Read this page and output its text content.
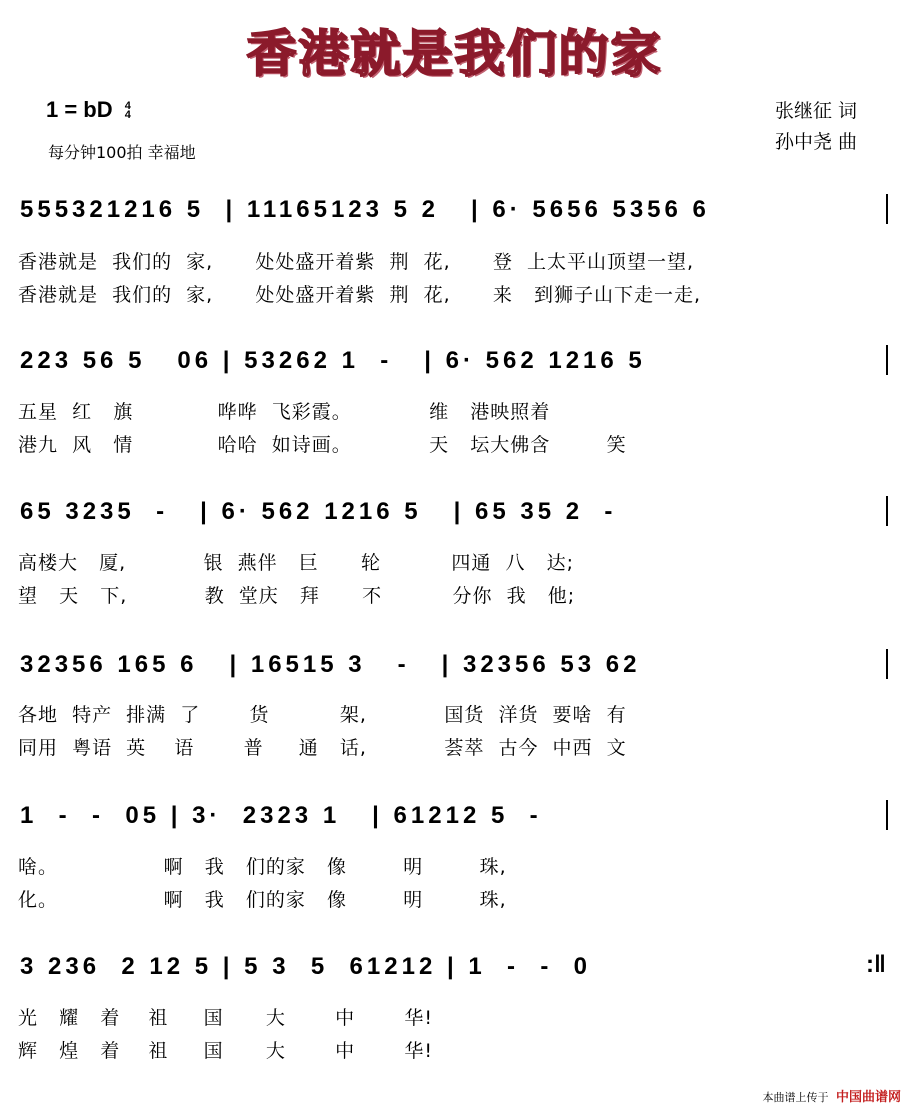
香港就是我们的家
1 = bD 4
4
每分钟100拍 幸福地
张继征 词
孙中尧 曲
555321216 5  | 11165123 5 2   | 6· 5656 5356 6
香港就是  我们的  家,      处处盛开着紫  荆  花,      登  上太平山顶望一望,
香港就是  我们的  家,      处处盛开着紫  荆  花,      来   到狮子山下走一走,
223 56 5   06 | 53262 1  -   | 6· 562 1216 5
五星  红   旗            哗哗  飞彩霞。           维   港映照着
港九  风   情            哈哈  如诗画。           天   坛大佛含        笑
65 3235  -   | 6· 562 1216 5   | 65 35 2  -
高楼大   厦,           银  燕伴   巨      轮          四通  八   达;
望   天   下,           教  堂庆   拜      不          分你  我   他;
32356 165 6   | 16515 3   -   | 32356 53 62
各地  特产  排满  了       货          架,           国货  洋货  要啥  有
同用  粤语  英    语       普     通   话,           荟萃  古今  中西  文
1  -  -  05 | 3·  2323 1   | 61212 5  -
啥。               啊   我   们的家   像        明        珠,
化。               啊   我   们的家   像        明        珠,
3 236  2 12 5 | 5 3  5  61212 | 1  -  -  0
光   耀   着    祖     国      大       中       华!
辉   煌   着    祖     国      大       中       华!
:‖
本曲谱上传于 中国曲谱网
